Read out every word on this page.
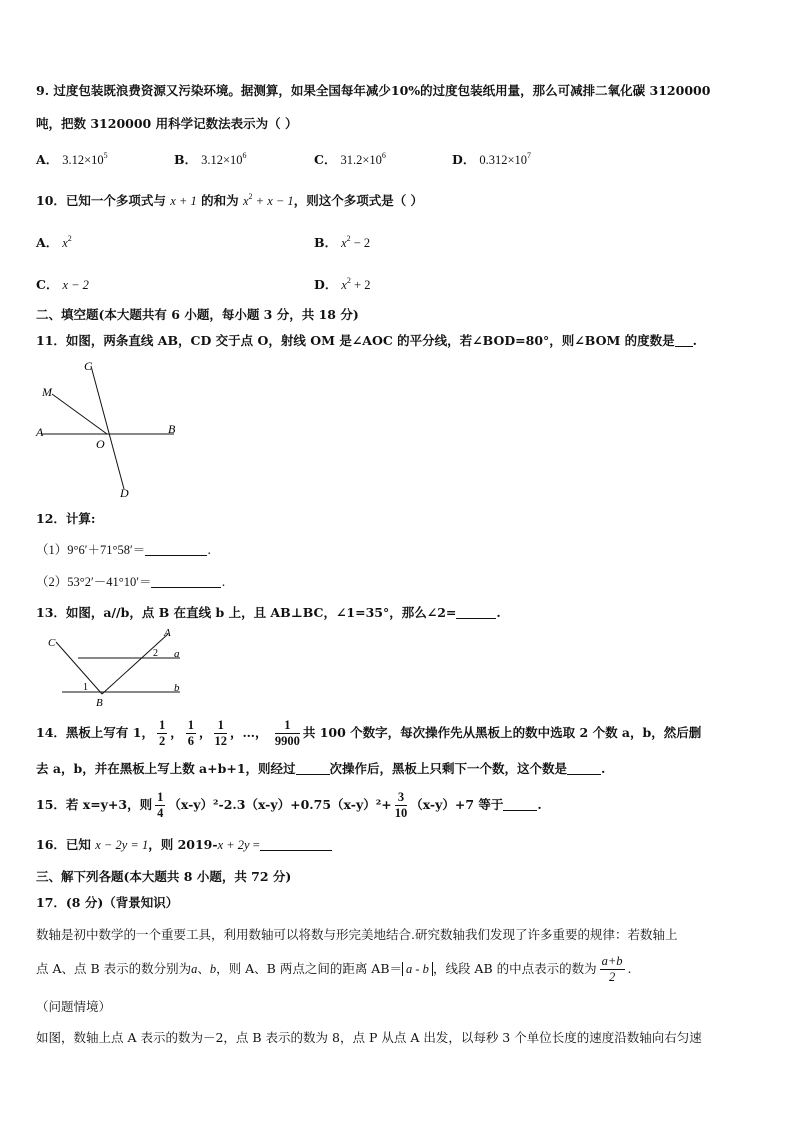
9. 过度包装既浪费资源又污染环境。据测算，如果全国每年减少10%的过度包装纸用量，那么可减排二氧化碳 3120000
吨，把数 3120000 用科学记数法表示为（ ）
A． $3.12\times 10^5$	B． $3.12\times 10^6$	C． $31.2\times 10^6$	D． $0.312\times 10^7$
10．已知一个多项式与 x + 1 的和为 $x^2 + x - 1$，则这个多项式是（ ）
A． $x^2$	B． $x^2 - 2$
C． x − 2	D． $x^2 + 2$
二、填空题(本大题共有 6 小题，每小题 3 分，共 18 分)
11．如图，两条直线 AB，CD 交于点 O，射线 OM 是∠AOC 的平分线，若∠BOD=80°，则∠BOM 的度数是 .
C
M
A
O
B
D
12．计算:
（1）9°6′＋71°58′＝	.
（2）53°2′－41°10′＝	.
13．如图，a//b，点 B 在直线 b 上，且 AB⊥BC，∠1=35°，那么∠2=	.
C
A
a
b
B
1
2
14．黑板上写有 1， $\frac{1}{2}$ ， $\frac{1}{6}$ ， $\frac{1}{12}$ ，…， $\frac{1}{9900}$ 共 100 个数字，每次操作先从黑板上的数中选取 2 个数 a，b，然后删
去 a，b，并在黑板上写上数 a+b+1，则经过	次操作后，黑板上只剩下一个数，这个数是	.
15．若 x=y+3，则 $\frac{1}{4} (x-y)^2-2.3(x-y)+0.75(x-y)^2+ \frac{3}{10} (x-y)+7$ 等于	.
16．已知 x − 2y = 1，则 2019-x + 2y =
三、解下列各题(本大题共 8 小题，共 72 分)
17．(8 分)（背景知识）
数轴是初中数学的一个重要工具，利用数轴可以将数与形完美地结合.研究数轴我们发现了许多重要的规律：若数轴上
点 A、点 B 表示的数分别为a、b，则 A、B 两点之间的距离 AB＝ a - b ，线段 AB 的中点表示的数为 $\frac{a+b}{2}$ .
（问题情境）
如图，数轴上点 A 表示的数为－2，点 B 表示的数为 8，点 P 从点 A 出发，以每秒 3 个单位长度的速度沿数轴向右匀速
